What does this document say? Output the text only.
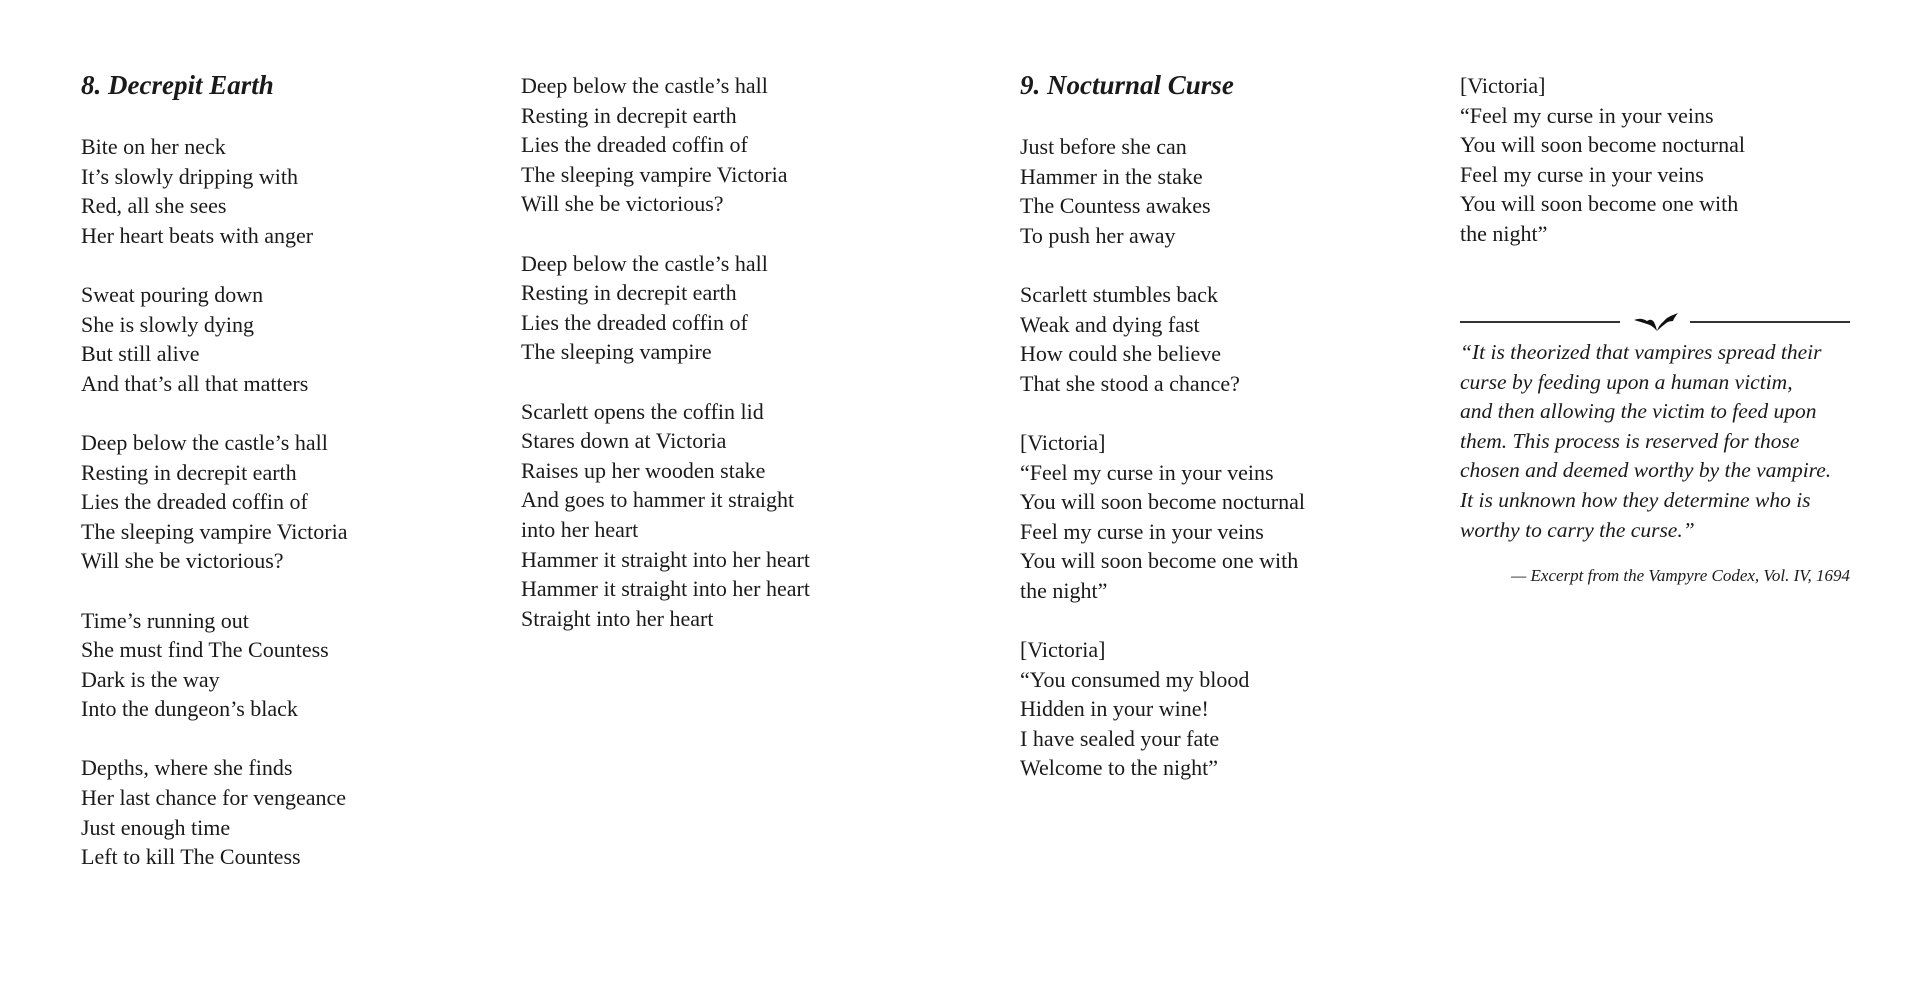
8. Decrepit Earth
Bite on her neck
It’s slowly dripping with
Red, all she sees
Her heart beats with anger
Sweat pouring down
She is slowly dying
But still alive
And that’s all that matters
Deep below the castle’s hall
Resting in decrepit earth
Lies the dreaded coffin of
The sleeping vampire Victoria
Will she be victorious?
Time’s running out
She must find The Countess
Dark is the way
Into the dungeon’s black
Depths, where she finds
Her last chance for vengeance
Just enough time
Left to kill The Countess
Deep below the castle’s hall
Resting in decrepit earth
Lies the dreaded coffin of
The sleeping vampire Victoria
Will she be victorious?
Deep below the castle’s hall
Resting in decrepit earth
Lies the dreaded coffin of
The sleeping vampire
Scarlett opens the coffin lid
Stares down at Victoria
Raises up her wooden stake
And goes to hammer it straight
into her heart
Hammer it straight into her heart
Hammer it straight into her heart
Straight into her heart
9. Nocturnal Curse
Just before she can
Hammer in the stake
The Countess awakes
To push her away
Scarlett stumbles back
Weak and dying fast
How could she believe
That she stood a chance?
[Victoria]
“Feel my curse in your veins
You will soon become nocturnal
Feel my curse in your veins
You will soon become one with
the night”
[Victoria]
“You consumed my blood
Hidden in your wine!
I have sealed your fate
Welcome to the night”
[Victoria]
“Feel my curse in your veins
You will soon become nocturnal
Feel my curse in your veins
You will soon become one with
the night”
“It is theorized that vampires spread their
curse by feeding upon a human victim,
and then allowing the victim to feed upon
them. This process is reserved for those
chosen and deemed worthy by the vampire.
It is unknown how they determine who is
worthy to carry the curse.”
— Excerpt from the Vampyre Codex, Vol. IV, 1694
